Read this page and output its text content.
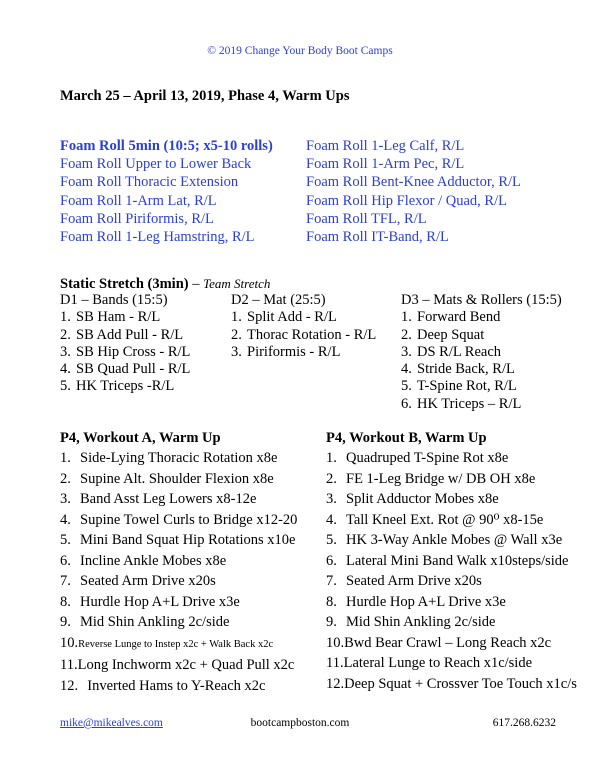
© 2019 Change Your Body Boot Camps
March 25 – April 13, 2019, Phase 4, Warm Ups
Foam Roll 5min (10:5; x5-10 rolls)
Foam Roll Upper to Lower Back
Foam Roll Thoracic Extension
Foam Roll 1-Arm Lat, R/L
Foam Roll Piriformis, R/L
Foam Roll 1-Leg Hamstring, R/L
Foam Roll 1-Leg Calf, R/L
Foam Roll 1-Arm Pec, R/L
Foam Roll Bent-Knee Adductor, R/L
Foam Roll Hip Flexor / Quad, R/L
Foam Roll TFL, R/L
Foam Roll IT-Band, R/L
Static Stretch (3min) – Team Stretch
D1 – Bands (15:5)
1. SB Ham - R/L
2. SB Add Pull - R/L
3. SB Hip Cross - R/L
4. SB Quad Pull - R/L
5. HK Triceps -R/L
D2 – Mat (25:5)
1. Split Add - R/L
2. Thorac Rotation - R/L
3. Piriformis - R/L
D3 – Mats & Rollers (15:5)
1. Forward Bend
2. Deep Squat
3. DS R/L Reach
4. Stride Back, R/L
5. T-Spine Rot, R/L
6. HK Triceps – R/L
P4, Workout A, Warm Up
1. Side-Lying Thoracic Rotation x8e
2. Supine Alt. Shoulder Flexion x8e
3. Band Asst Leg Lowers x8-12e
4. Supine Towel Curls to Bridge x12-20
5. Mini Band Squat Hip Rotations x10e
6. Incline Ankle Mobes x8e
7. Seated Arm Drive x20s
8. Hurdle Hop A+L Drive x3e
9. Mid Shin Ankling 2c/side
10.Reverse Lunge to Instep x2c + Walk Back x2c
11.Long Inchworm x2c + Quad Pull x2c
12. Inverted Hams to Y-Reach x2c
P4, Workout B, Warm Up
1. Quadruped T-Spine Rot x8e
2. FE 1-Leg Bridge w/ DB OH x8e
3. Split Adductor Mobes x8e
4. Tall Kneel Ext. Rot @ 90⁰ x8-15e
5. HK 3-Way Ankle Mobes @ Wall x3e
6. Lateral Mini Band Walk x10steps/side
7. Seated Arm Drive x20s
8. Hurdle Hop A+L Drive x3e
9. Mid Shin Ankling 2c/side
10.Bwd Bear Crawl – Long Reach x2c
11.Lateral Lunge to Reach x1c/side
12.Deep Squat + Crossver Toe Touch x1c/s
mike@mikealves.com	bootcampboston.com	617.268.6232
